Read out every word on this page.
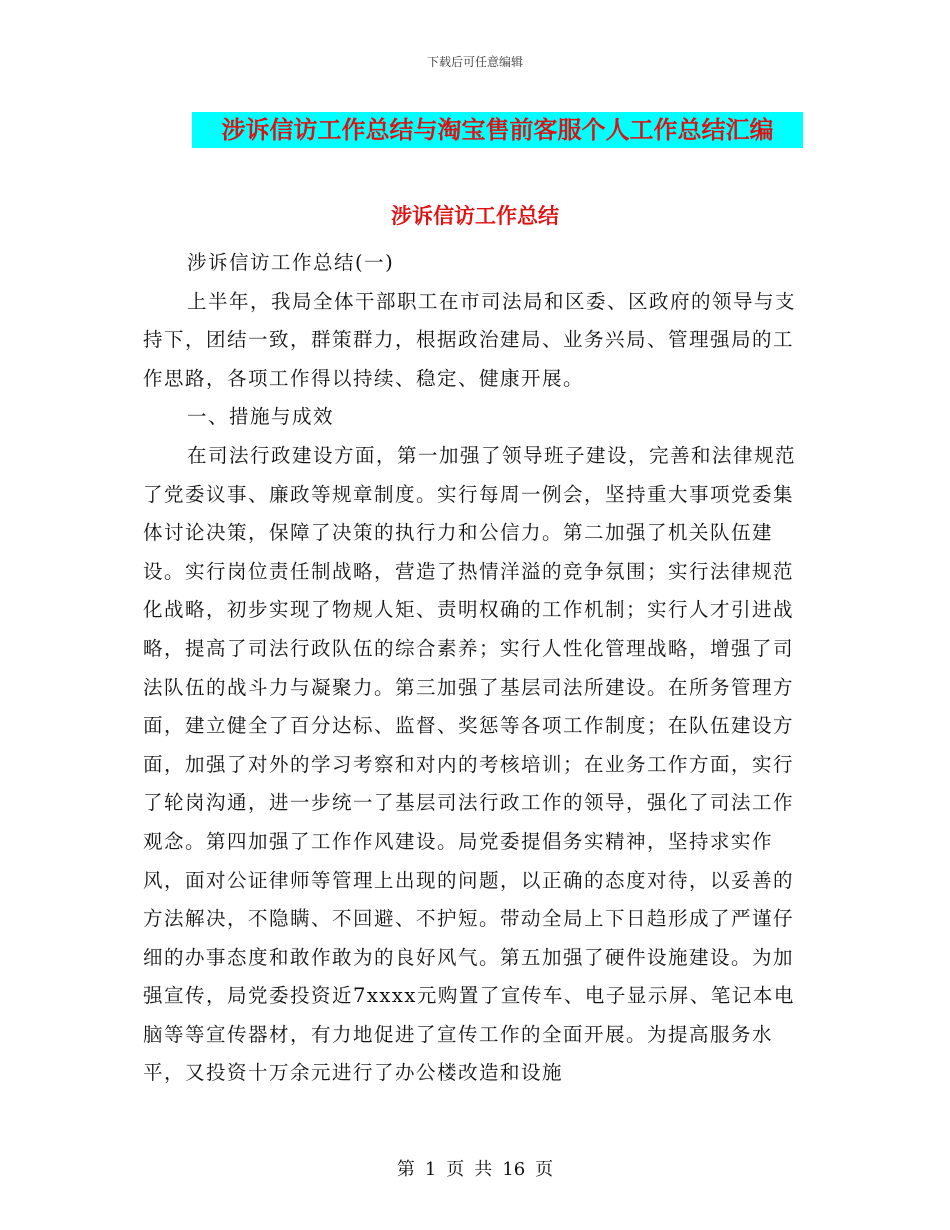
下载后可任意编辑
涉诉信访工作总结与淘宝售前客服个人工作总结汇编
涉诉信访工作总结

涉诉信访工作总结(一)

上半年，我局全体干部职工在市司法局和区委、区政府的领导与支持下，团结一致，群策群力，根据政治建局、业务兴局、管理强局的工作思路，各项工作得以持续、稳定、健康开展。

一、措施与成效

在司法行政建设方面，第一加强了领导班子建设，完善和法律规范了党委议事、廉政等规章制度。实行每周一例会，坚持重大事项党委集体讨论决策，保障了决策的执行力和公信力。第二加强了机关队伍建设。实行岗位责任制战略，营造了热情洋溢的竞争氛围；实行法律规范化战略，初步实现了物规人矩、责明权确的工作机制；实行人才引进战略，提高了司法行政队伍的综合素养；实行人性化管理战略，增强了司法队伍的战斗力与凝聚力。第三加强了基层司法所建设。在所务管理方面，建立健全了百分达标、监督、奖惩等各项工作制度；在队伍建设方面，加强了对外的学习考察和对内的考核培训；在业务工作方面，实行了轮岗沟通，进一步统一了基层司法行政工作的领导，强化了司法工作观念。第四加强了工作作风建设。局党委提倡务实精神，坚持求实作风，面对公证律师等管理上出现的问题，以正确的态度对待，以妥善的方法解决，不隐瞒、不回避、不护短。带动全局上下日趋形成了严谨仔细的办事态度和敢作敢为的良好风气。第五加强了硬件设施建设。为加强宣传，局党委投资近7xxxx元购置了宣传车、电子显示屏、笔记本电脑等等宣传器材，有力地促进了宣传工作的全面开展。为提高服务水平，又投资十万余元进行了办公楼改造和设施

第 1 页 共 16 页
